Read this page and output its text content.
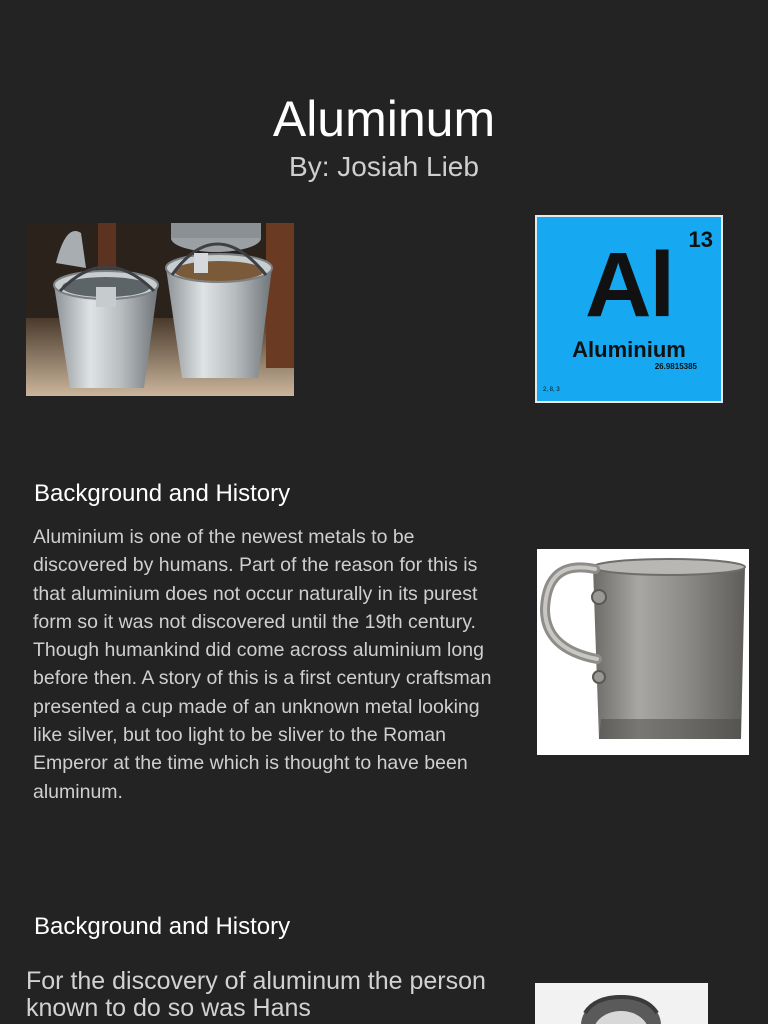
Aluminum
By: Josiah Lieb
13
Al
Aluminium
26.9815385
2, 8, 3
Background and History
Aluminium is one of the newest metals to be discovered by humans. Part of the reason for this is that aluminium does not occur naturally in its purest form so it was not discovered until the 19th century. Though humankind did come across aluminium long before then. A story of this is a first century craftsman presented a cup made of an unknown metal looking like silver, but too light to be sliver to the Roman Emperor at the time which is thought to have been aluminum.
Background and History
For the discovery of aluminum the person known to do so was Hans
